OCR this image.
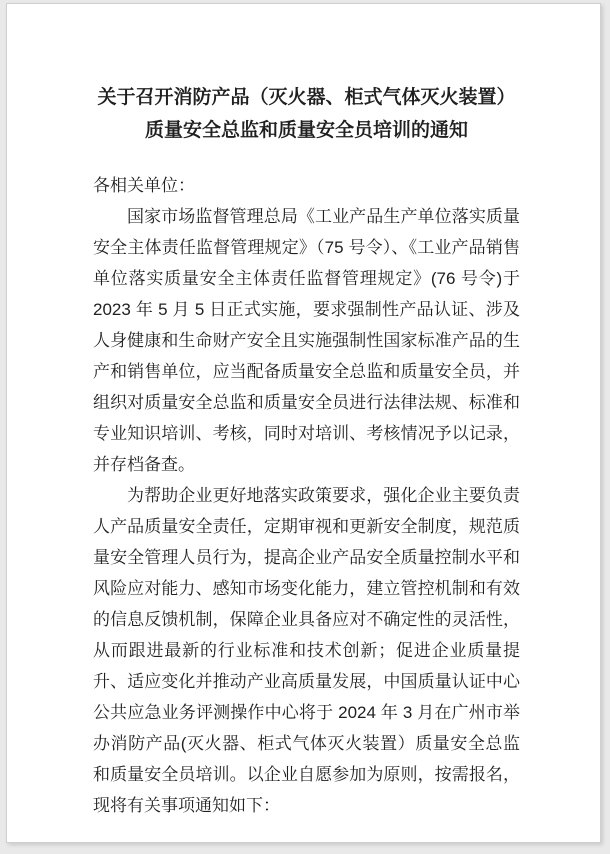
关于召开消防产品（灭火器、柜式气体灭火装置）质量安全总监和质量安全员培训的通知

各相关单位：

国家市场监督管理总局《工业产品生产单位落实质量安全主体责任监督管理规定》（75 号令）、《工业产品销售单位落实质量安全主体责任监督管理规定》(76 号令)于 2023 年 5 月 5 日正式实施，要求强制性产品认证、涉及人身健康和生命财产安全且实施强制性国家标准产品的生产和销售单位，应当配备质量安全总监和质量安全员，并组织对质量安全总监和质量安全员进行法律法规、标准和专业知识培训、考核，同时对培训、考核情况予以记录，并存档备查。

为帮助企业更好地落实政策要求，强化企业主要负责人产品质量安全责任，定期审视和更新安全制度，规范质量安全管理人员行为，提高企业产品安全质量控制水平和风险应对能力、感知市场变化能力，建立管控机制和有效的信息反馈机制，保障企业具备应对不确定性的灵活性，从而跟进最新的行业标准和技术创新；促进企业质量提升、适应变化并推动产业高质量发展，中国质量认证中心公共应急业务评测操作中心将于 2024 年 3 月在广州市举办消防产品(灭火器、柜式气体灭火装置）质量安全总监和质量安全员培训。以企业自愿参加为原则，按需报名，现将有关事项通知如下：
